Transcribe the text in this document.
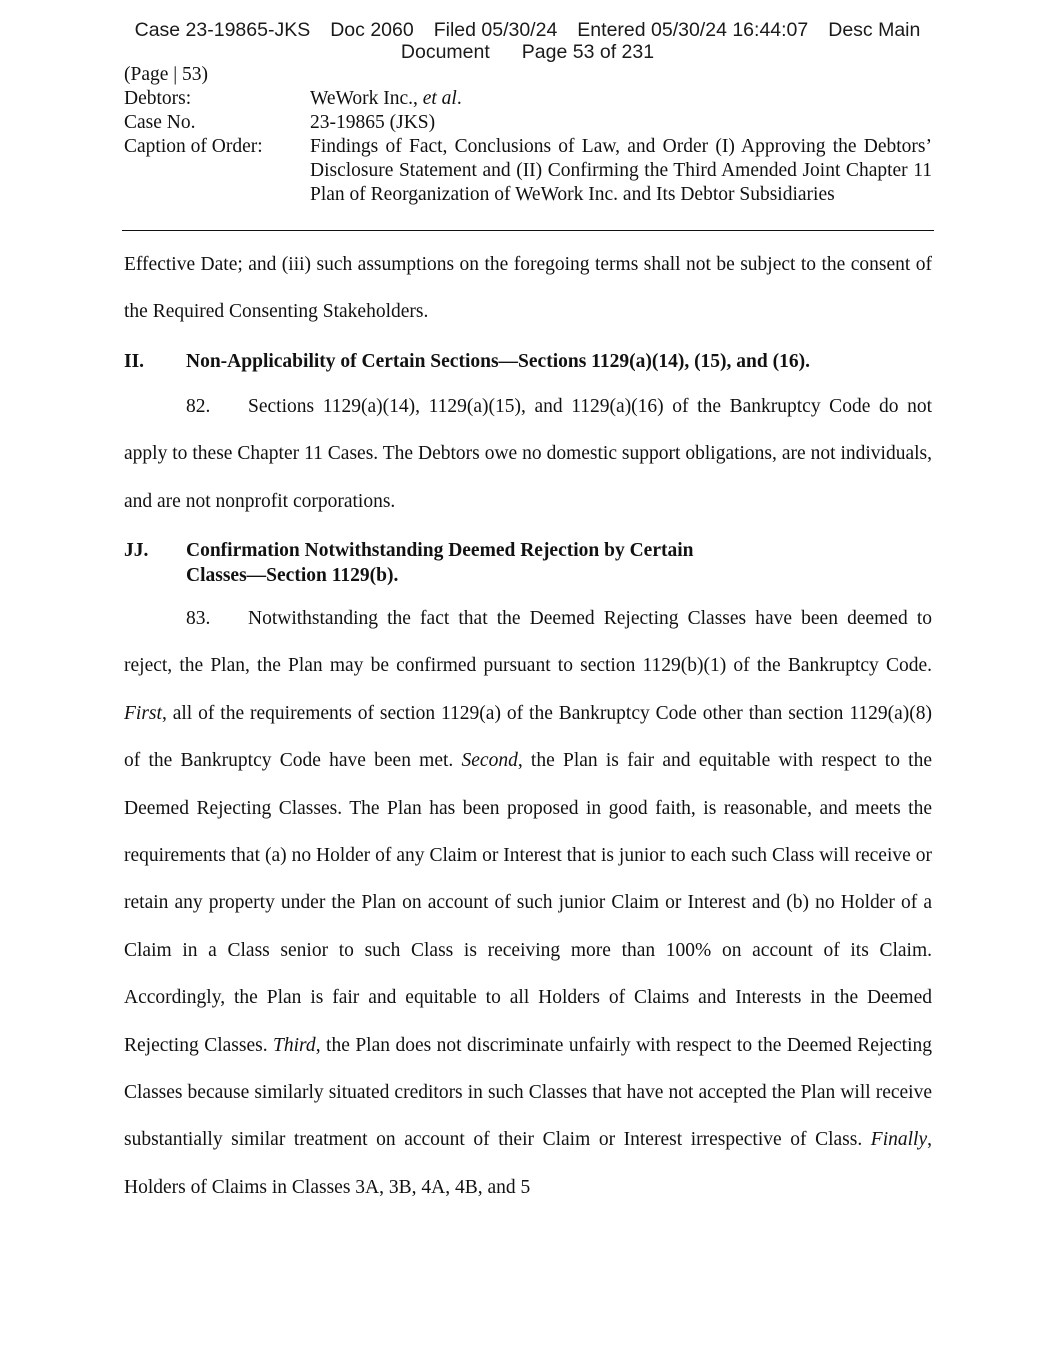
Case 23-19865-JKS Doc 2060 Filed 05/30/24 Entered 05/30/24 16:44:07 Desc Main
Document Page 53 of 231
(Page | 53)
Debtors:	WeWork Inc., et al.
Case No.	23-19865 (JKS)
Caption of Order:	Findings of Fact, Conclusions of Law, and Order (I) Approving the Debtors’ Disclosure Statement and (II) Confirming the Third Amended Joint Chapter 11 Plan of Reorganization of WeWork Inc. and Its Debtor Subsidiaries
Effective Date; and (iii) such assumptions on the foregoing terms shall not be subject to the consent of the Required Consenting Stakeholders.
II.	Non-Applicability of Certain Sections—Sections 1129(a)(14), (15), and (16).
82. Sections 1129(a)(14), 1129(a)(15), and 1129(a)(16) of the Bankruptcy Code do not apply to these Chapter 11 Cases. The Debtors owe no domestic support obligations, are not individuals, and are not nonprofit corporations.
JJ.	Confirmation Notwithstanding Deemed Rejection by Certain
Classes—Section 1129(b).
83. Notwithstanding the fact that the Deemed Rejecting Classes have been deemed to reject, the Plan, the Plan may be confirmed pursuant to section 1129(b)(1) of the Bankruptcy Code. First, all of the requirements of section 1129(a) of the Bankruptcy Code other than section 1129(a)(8) of the Bankruptcy Code have been met. Second, the Plan is fair and equitable with respect to the Deemed Rejecting Classes. The Plan has been proposed in good faith, is reasonable, and meets the requirements that (a) no Holder of any Claim or Interest that is junior to each such Class will receive or retain any property under the Plan on account of such junior Claim or Interest and (b) no Holder of a Claim in a Class senior to such Class is receiving more than 100% on account of its Claim. Accordingly, the Plan is fair and equitable to all Holders of Claims and Interests in the Deemed Rejecting Classes. Third, the Plan does not discriminate unfairly with respect to the Deemed Rejecting Classes because similarly situated creditors in such Classes that have not accepted the Plan will receive substantially similar treatment on account of their Claim or Interest irrespective of Class. Finally, Holders of Claims in Classes 3A, 3B, 4A, 4B, and 5
